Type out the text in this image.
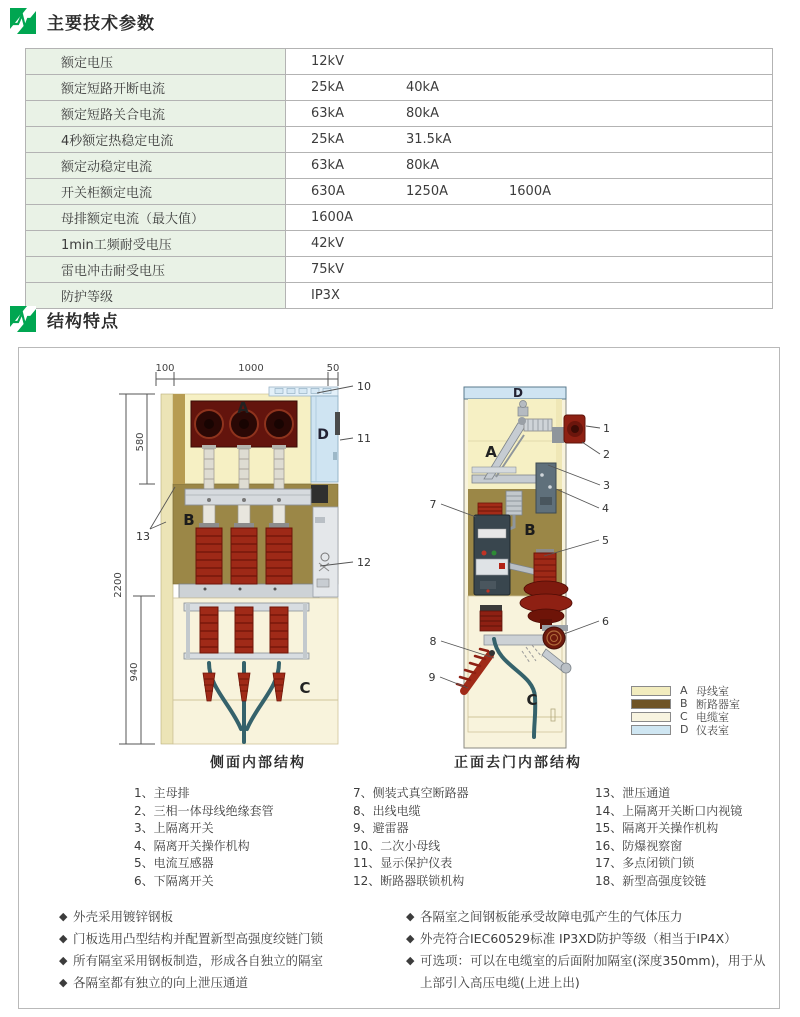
主要技术参数
额定电压	12kV
额定短路开断电流	25kA	40kA
额定短路关合电流	63kA	80kA
4秒额定热稳定电流	25kA	31.5kA
额定动稳定电流	63kA	80kA
开关柜额定电流	630A	1250A	1600A
母排额定电流（最大值）	1600A
1min工频耐受电压	42kV
雷电冲击耐受电压	75kV
防护等级	IP3X
结构特点
100	1000	50
2200
580
940
A
B
C
D
10
11
12
13
D
A
B
C
1
2
3
4
5
6
7
8
9
A 母线室
B 断路器室
C 电缆室
D 仪表室
侧面内部结构	正面去门内部结构
1、主母排
2、三相一体母线绝缘套管
3、上隔离开关
4、隔离开关操作机构
5、电流互感器
6、下隔离开关
7、侧装式真空断路器
8、出线电缆
9、避雷器
10、二次小母线
11、显示保护仪表
12、断路器联锁机构
13、泄压通道
14、上隔离开关断口内视镜
15、隔离开关操作机构
16、防爆视察窗
17、多点闭锁门锁
18、新型高强度铰链
◆ 外壳采用镀锌钢板
◆ 门板选用凸型结构并配置新型高强度绞链门锁
◆ 所有隔室采用钢板制造，形成各自独立的隔室
◆ 各隔室都有独立的向上泄压通道
◆ 各隔室之间钢板能承受故障电弧产生的气体压力
◆ 外壳符合IEC60529标准 IP3XD防护等级（相当于IP4X）
◆ 可选项：可以在电缆室的后面附加隔室(深度350mm)，用于从上部引入高压电缆(上进上出)
